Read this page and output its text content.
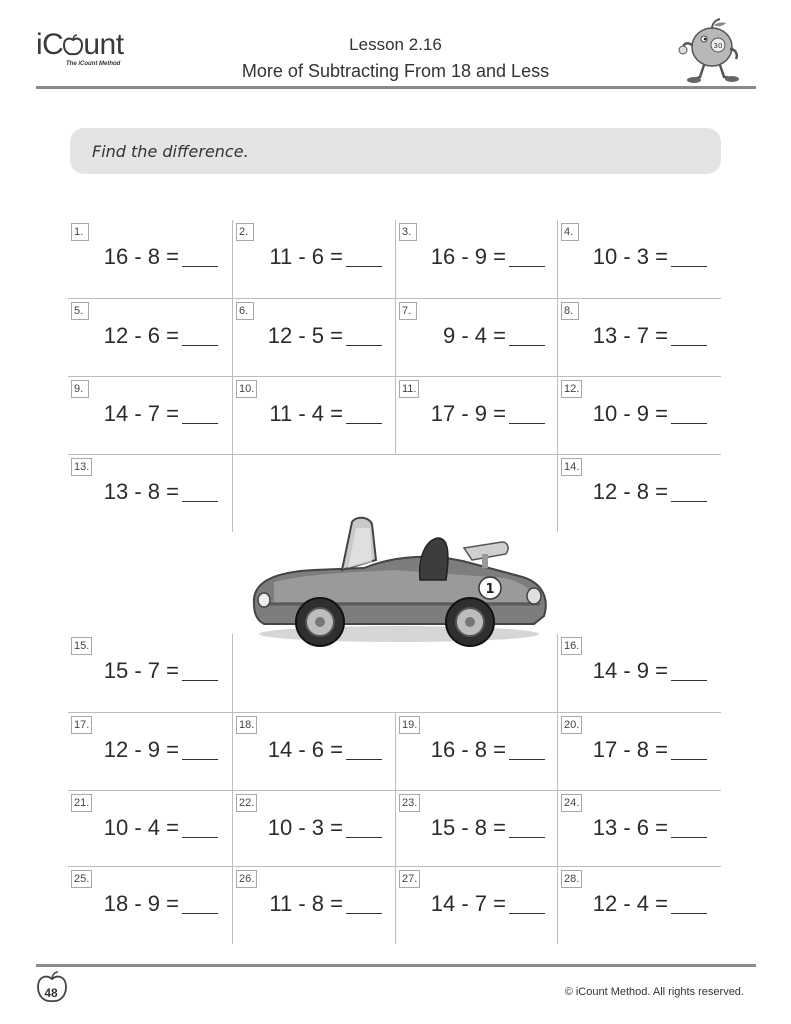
iC unt
The iCount Method
Lesson 2.16
More of Subtracting From 18 and Less
30
Find the difference.
1.
16 - 8 =
2.
11 - 6 =
3.
16 - 9 =
4.
10 - 3 =
5.
12 - 6 =
6.
12 - 5 =
7.
9 - 4 =
8.
13 - 7 =
9.
14 - 7 =
10.
11 - 4 =
11.
17 - 9 =
12.
10 - 9 =
13.
13 - 8 =
14.
12 - 8 =
15.
15 - 7 =
16.
14 - 9 =
17.
12 - 9 =
18.
14 - 6 =
19.
16 - 8 =
20.
17 - 8 =
21.
10 - 4 =
22.
10 - 3 =
23.
15 - 8 =
24.
13 - 6 =
25.
18 - 9 =
26.
11 - 8 =
27.
14 - 7 =
28.
12 - 4 =
1
48	© iCount Method. All rights reserved.
